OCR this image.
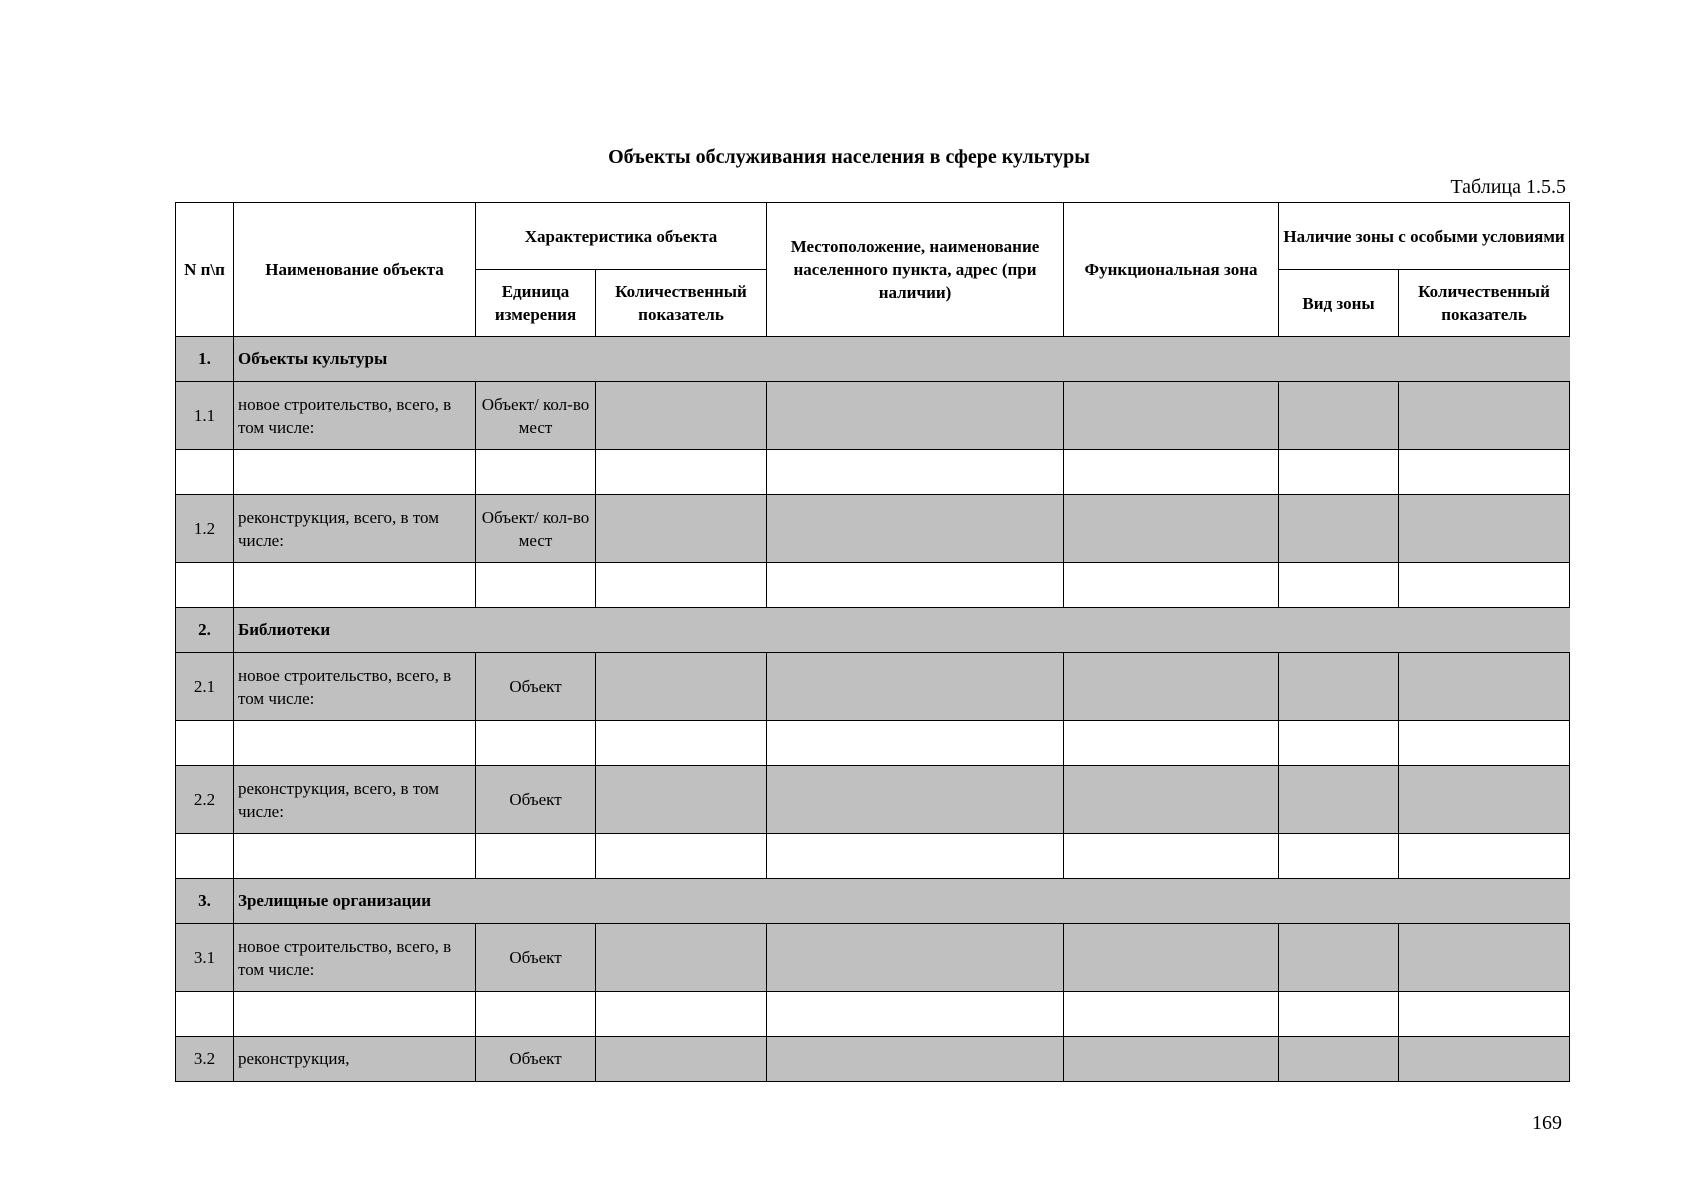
Объекты обслуживания населения в сфере культуры
Таблица 1.5.5
N п\п	Наименование объекта	Характеристика объекта		Местоположение, наименование населенного пункта, адрес (при наличии)	Функциональная зона	Наличие зоны с особыми условиями	
		Единица измерения	Количественный показатель			Вид зоны	Количественный показатель
1.	Объекты культуры						
1.1	новое строительство, всего, в том числе:	Объект/ кол-во мест					

1.2	реконструкция, всего, в том числе:	Объект/ кол-во мест					

2.	Библиотеки						
2.1	новое строительство, всего, в том числе:	Объект					

2.2	реконструкция, всего, в том числе:	Объект					

3.	Зрелищные организации						
3.1	новое строительство, всего, в том числе:	Объект					

3.2	реконструкция,	Объект					
169
